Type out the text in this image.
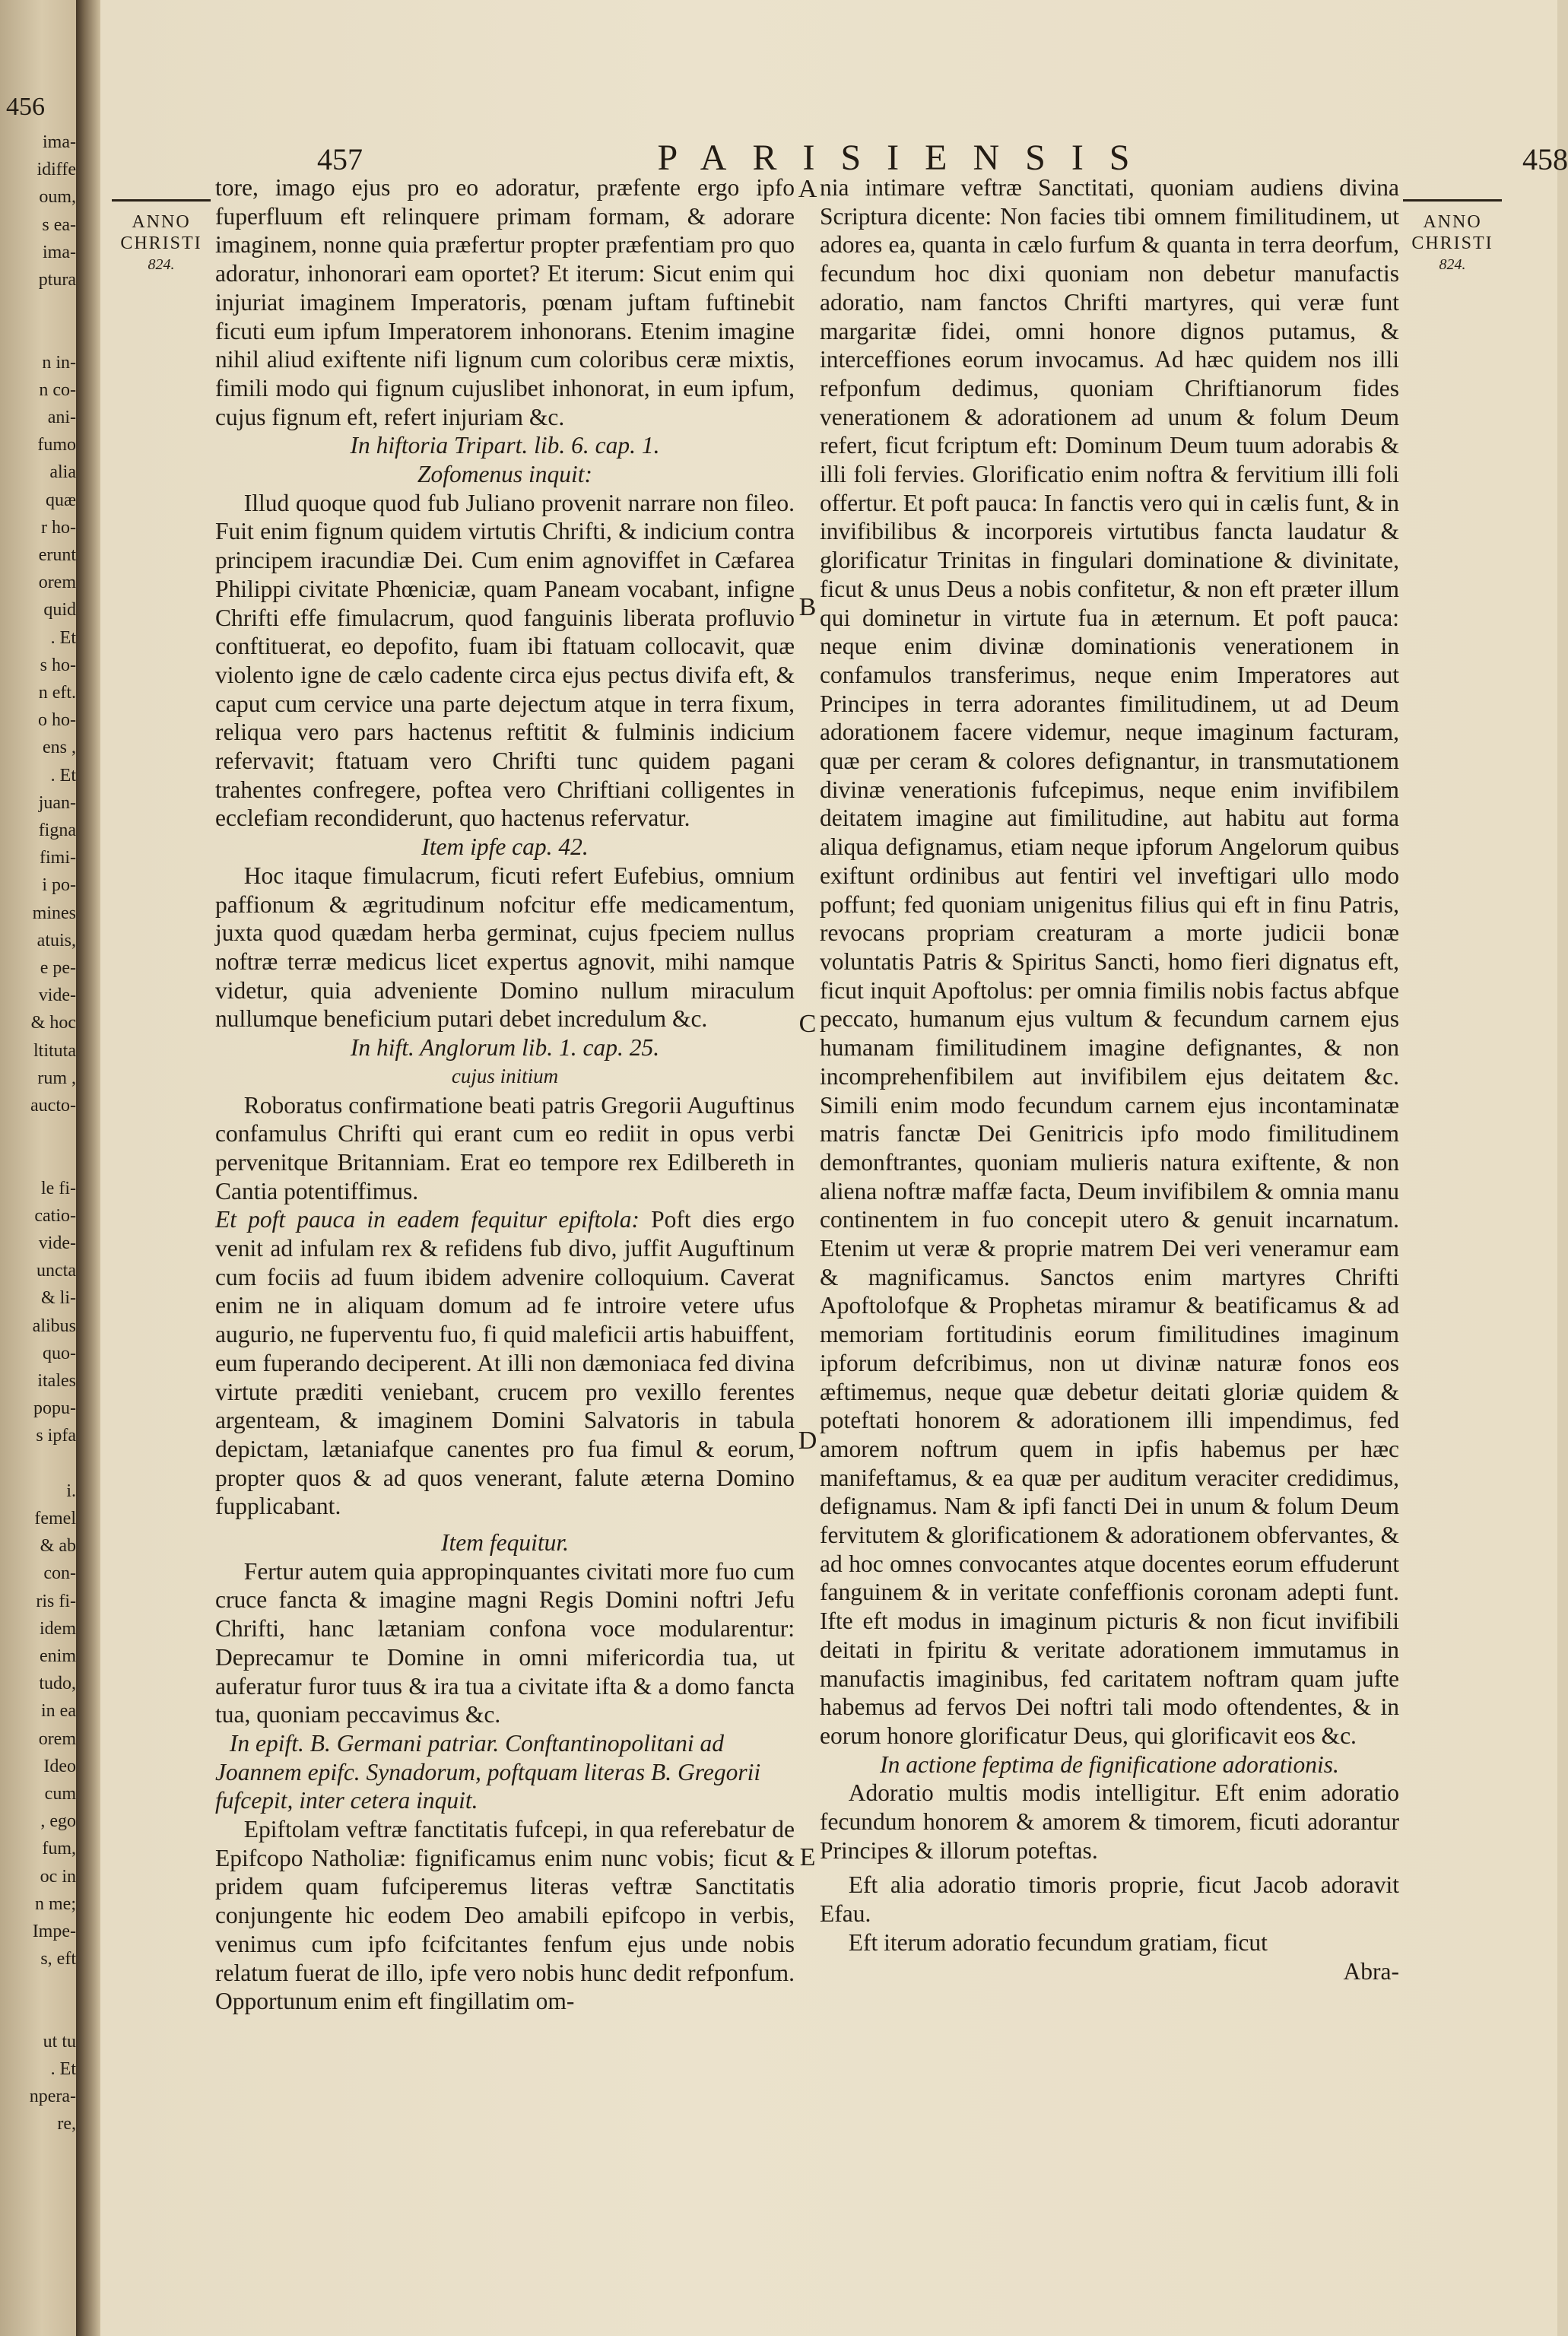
456
ima-
idiffe
oum,
s ea-
ima-
ptura
n in-
n co-
ani-
fumo
alia
quæ
r ho-
erunt
orem
quid
. Et
s ho-
n eft.
o ho-
ens ,
. Et
juan-
figna
fimi-
i po-
mines
atuis,
e pe-
vide-
& hoc
ltituta
rum ,
aucto-
le fi-
catio-
vide-
uncta
& li-
alibus
quo-
itales
popu-
s ipfa
i.
femel
& ab
con-
ris fi-
idem
enim
tudo,
in ea
orem
Ideo
cum
, ego
fum,
oc in
n me;
Impe-
s, eft
ut tu
. Et
npera-
re,
457	PARISIENSIS	458
ANNO
CHRISTI
824.
ANNO
CHRISTI
824.
A
B
C
D
E

tore, imago ejus pro eo adoratur, præfente ergo ipfo fuperfluum eft relinquere primam formam, & adorare imaginem, nonne quia præfertur propter præfentiam pro quo adoratur, inhonorari eam oportet? Et iterum: Sicut enim qui injuriat imaginem Imperatoris, pœnam juftam fuftinebit ficuti eum ipfum Imperatorem inhonorans. Etenim imagine nihil aliud exiftente nifi lignum cum coloribus ceræ mixtis, fimili modo qui fignum cujuslibet inhonorat, in eum ipfum, cujus fignum eft, refert injuriam &c.

In hiftoria Tripart. lib. 6. cap. 1.

Zofomenus inquit:

Illud quoque quod fub Juliano provenit narrare non fileo. Fuit enim fignum quidem virtutis Chrifti, & indicium contra principem iracundiæ Dei. Cum enim agnoviffet in Cæfarea Philippi civitate Phœniciæ, quam Paneam vocabant, infigne Chrifti effe fimulacrum, quod fanguinis liberata profluvio conftituerat, eo depofito, fuam ibi ftatuam collocavit, quæ violento igne de cælo cadente circa ejus pectus divifa eft, & caput cum cervice una parte dejectum atque in terra fixum, reliqua vero pars hactenus reftitit & fulminis indicium refervavit; ftatuam vero Chrifti tunc quidem pagani trahentes confregere, poftea vero Chriftiani colligentes in ecclefiam recondiderunt, quo hactenus refervatur.

Item ipfe cap. 42.

Hoc itaque fimulacrum, ficuti refert Eufebius, omnium paffionum & ægritudinum nofcitur effe medicamentum, juxta quod quædam herba germinat, cujus fpeciem nullus noftræ terræ medicus licet expertus agnovit, mihi namque videtur, quia adveniente Domino nullum miraculum nullumque beneficium putari debet incredulum &c.

In hift. Anglorum lib. 1. cap. 25.

cujus initium

Roboratus confirmatione beati patris Gregorii Auguftinus confamulus Chrifti qui erant cum eo rediit in opus verbi pervenitque Britanniam. Erat eo tempore rex Edilbereth in Cantia potentiffimus.

Et poft pauca in eadem fequitur epiftola: Poft dies ergo venit ad infulam rex & refidens fub divo, juffit Auguftinum cum fociis ad fuum ibidem advenire colloquium. Caverat enim ne in aliquam domum ad fe introire vetere ufus augurio, ne fuperventu fuo, fi quid maleficii artis habuiffent, eum fuperando deciperent. At illi non dæmoniaca fed divina virtute præditi veniebant, crucem pro vexillo ferentes argenteam, & imaginem Domini Salvatoris in tabula depictam, lætaniafque canentes pro fua fimul & eorum, propter quos & ad quos venerant, falute æterna Domino fupplicabant.

Item fequitur.

Fertur autem quia appropinquantes civitati more fuo cum cruce fancta & imagine magni Regis Domini noftri Jefu Chrifti, hanc lætaniam confona voce modularentur: Deprecamur te Domine in omni mifericordia tua, ut auferatur furor tuus & ira tua a civitate ifta & a domo fancta tua, quoniam peccavimus &c.

In epift. B. Germani patriar. Conftantinopolitani ad Joannem epifc. Synadorum, poftquam literas B. Gregorii fufcepit, inter cetera inquit.

Epiftolam veftræ fanctitatis fufcepi, in qua referebatur de Epifcopo Natholiæ: fignificamus enim nunc vobis; ficut & pridem quam fufciperemus literas veftræ Sanctitatis conjungente hic eodem Deo amabili epifcopo in verbis, venimus cum ipfo fcifcitantes fenfum ejus unde nobis relatum fuerat de illo, ipfe vero nobis hunc dedit refponfum. Opportunum enim eft fingillatim om-

nia intimare veftræ Sanctitati, quoniam audiens divina Scriptura dicente: Non facies tibi omnem fimilitudinem, ut adores ea, quanta in cælo furfum & quanta in terra deorfum, fecundum hoc dixi quoniam non debetur manufactis adoratio, nam fanctos Chrifti martyres, qui veræ funt margaritæ fidei, omni honore dignos putamus, & interceffiones eorum invocamus. Ad hæc quidem nos illi refponfum dedimus, quoniam Chriftianorum fides venerationem & adorationem ad unum & folum Deum refert, ficut fcriptum eft: Dominum Deum tuum adorabis & illi foli fervies. Glorificatio enim noftra & fervitium illi foli offertur. Et poft pauca: In fanctis vero qui in cælis funt, & in invifibilibus & incorporeis virtutibus fancta laudatur & glorificatur Trinitas in fingulari dominatione & divinitate, ficut & unus Deus a nobis confitetur, & non eft præter illum qui dominetur in virtute fua in æternum. Et poft pauca: neque enim divinæ dominationis venerationem in confamulos transferimus, neque enim Imperatores aut Principes in terra adorantes fimilitudinem, ut ad Deum adorationem facere videmur, neque imaginum facturam, quæ per ceram & colores defignantur, in transmutationem divinæ venerationis fufcepimus, neque enim invifibilem deitatem imagine aut fimilitudine, aut habitu aut forma aliqua defignamus, etiam neque ipforum Angelorum quibus exiftunt ordinibus aut fentiri vel inveftigari ullo modo poffunt; fed quoniam unigenitus filius qui eft in finu Patris, revocans propriam creaturam a morte judicii bonæ voluntatis Patris & Spiritus Sancti, homo fieri dignatus eft, ficut inquit Apoftolus: per omnia fimilis nobis factus abfque peccato, humanum ejus vultum & fecundum carnem ejus humanam fimilitudinem imagine defignantes, & non incomprehenfibilem aut invifibilem ejus deitatem &c. Simili enim modo fecundum carnem ejus incontaminatæ matris fanctæ Dei Genitricis ipfo modo fimilitudinem demonftrantes, quoniam mulieris natura exiftente, & non aliena noftræ maffæ facta, Deum invifibilem & omnia manu continentem in fuo concepit utero & genuit incarnatum. Etenim ut veræ & proprie matrem Dei veri veneramur eam & magnificamus. Sanctos enim martyres Chrifti Apoftolofque & Prophetas miramur & beatificamus & ad memoriam fortitudinis eorum fimilitudines imaginum ipforum defcribimus, non ut divinæ naturæ fonos eos æftimemus, neque quæ debetur deitati gloriæ quidem & poteftati honorem & adorationem illi impendimus, fed amorem noftrum quem in ipfis habemus per hæc manifeftamus, & ea quæ per auditum veraciter credidimus, defignamus. Nam & ipfi fancti Dei in unum & folum Deum fervitutem & glorificationem & adorationem obfervantes, & ad hoc omnes convocantes atque docentes eorum effuderunt fanguinem & in veritate confeffionis coronam adepti funt. Ifte eft modus in imaginum picturis & non ficut invifibili deitati in fpiritu & veritate adorationem immutamus in manufactis imaginibus, fed caritatem noftram quam jufte habemus ad fervos Dei noftri tali modo oftendentes, & in eorum honore glorificatur Deus, qui glorificavit eos &c.

In actione feptima de fignificatione adorationis.

Adoratio multis modis intelligitur. Eft enim adoratio fecundum honorem & amorem & timorem, ficuti adorantur Principes & illorum poteftas.

Eft alia adoratio timoris proprie, ficut Jacob adoravit Efau.

Eft iterum adoratio fecundum gratiam, ficut

Abra-
